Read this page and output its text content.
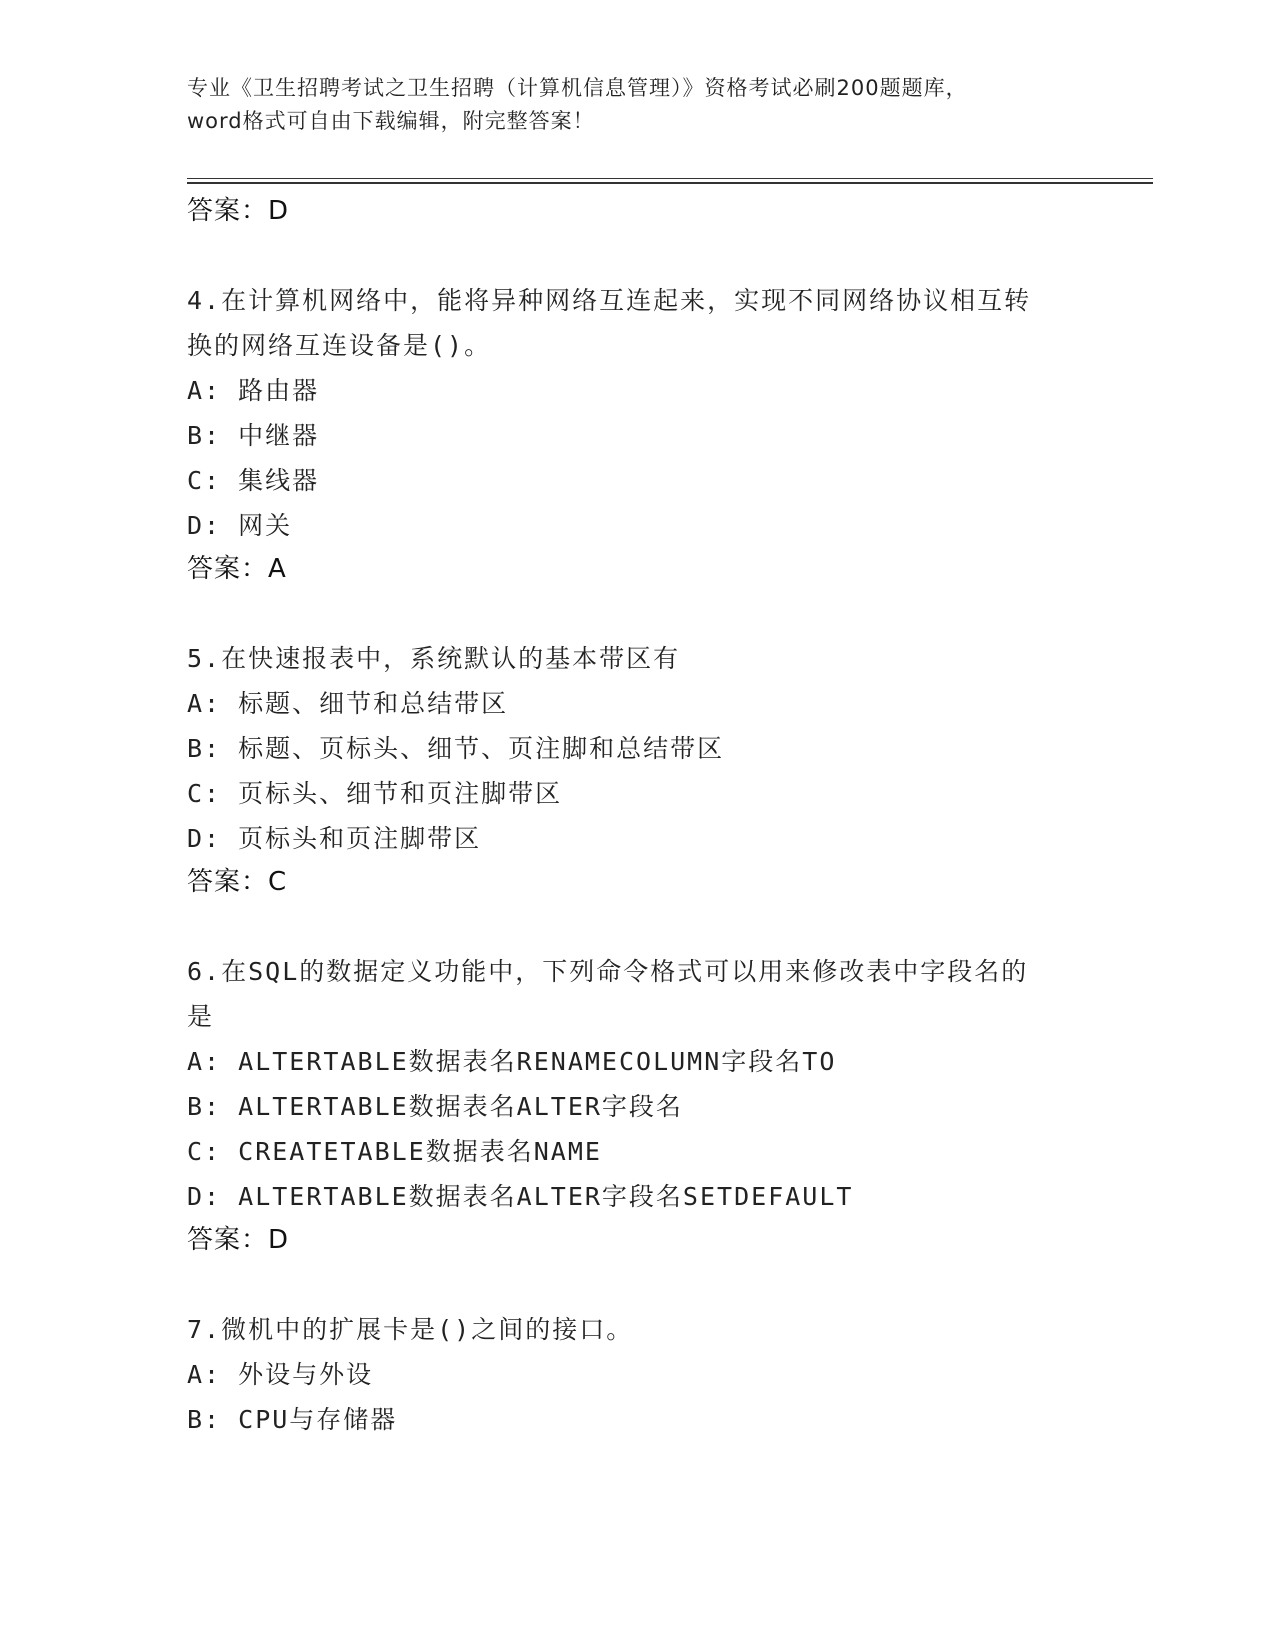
专业《卫生招聘考试之卫生招聘（计算机信息管理）》资格考试必刷200题题库，
word格式可自由下载编辑，附完整答案！
答案：D
4.在计算机网络中，能将异种网络互连起来，实现不同网络协议相互转换的网络互连设备是()。
A: 路由器
B: 中继器
C: 集线器
D: 网关
答案：A
5.在快速报表中，系统默认的基本带区有
A: 标题、细节和总结带区
B: 标题、页标头、细节、页注脚和总结带区
C: 页标头、细节和页注脚带区
D: 页标头和页注脚带区
答案：C
6.在SQL的数据定义功能中，下列命令格式可以用来修改表中字段名的是
A: ALTERTABLE数据表名RENAMECOLUMN字段名TO
B: ALTERTABLE数据表名ALTER字段名
C: CREATETABLE数据表名NAME
D: ALTERTABLE数据表名ALTER字段名SETDEFAULT
答案：D
7.微机中的扩展卡是()之间的接口。
A: 外设与外设
B: CPU与存储器
